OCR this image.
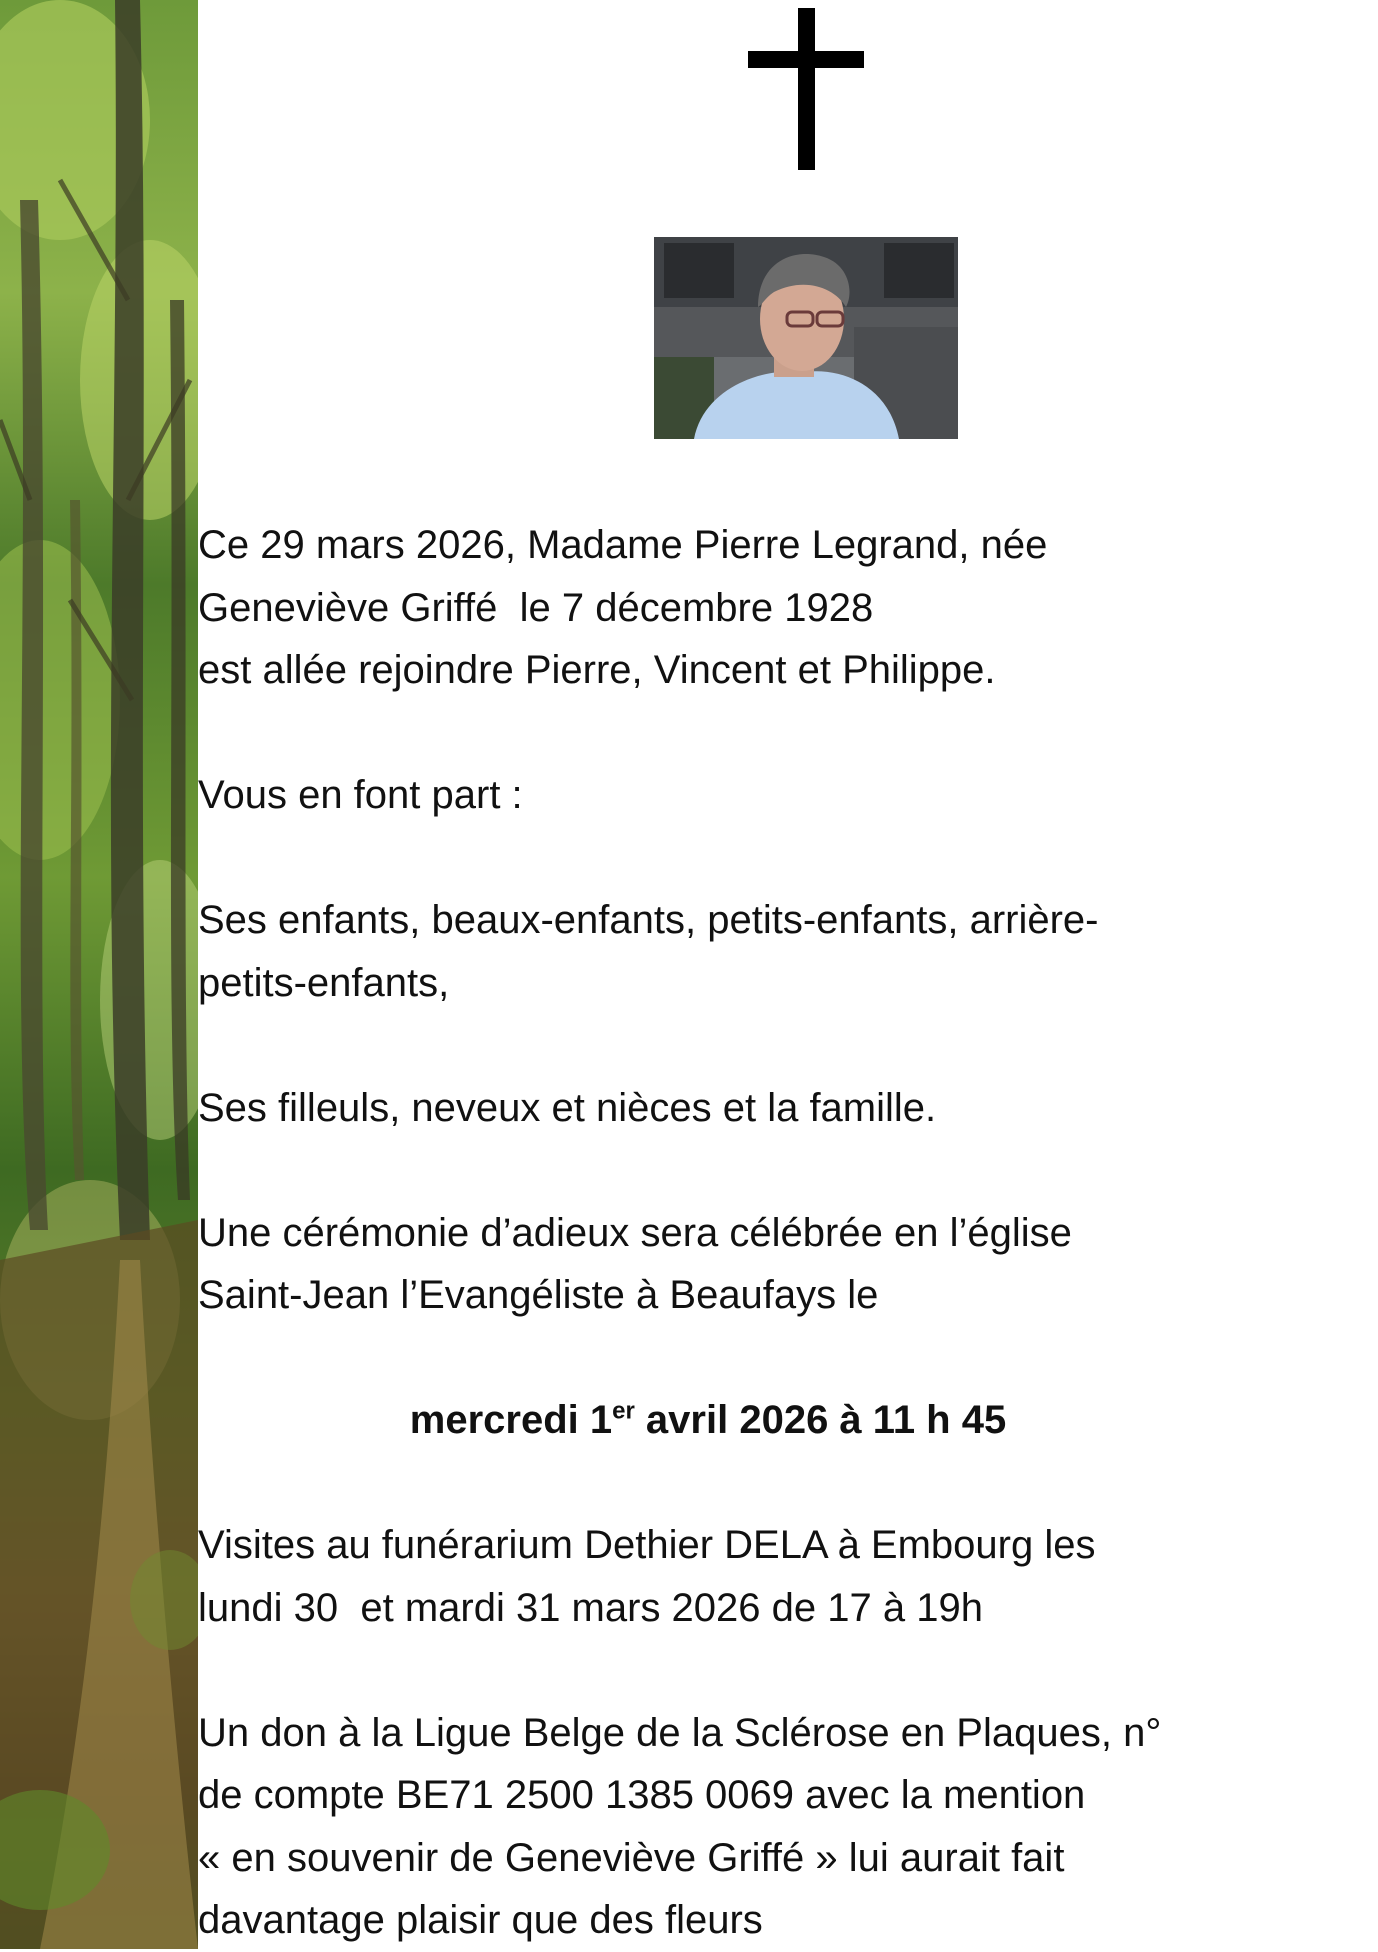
Ce 29 mars 2026, Madame Pierre Legrand, née

Geneviève Griffé  le 7 décembre 1928

est allée rejoindre Pierre, Vincent et Philippe.

Vous en font part :

Ses enfants, beaux-enfants, petits-enfants, arrière-

petits-enfants,

Ses filleuls, neveux et nièces et la famille.

Une cérémonie d’adieux sera célébrée en l’église

Saint-Jean l’Evangéliste à Beaufays le

mercredi 1er avril 2026 à 11 h 45

Visites au funérarium Dethier DELA à Embourg les

lundi 30  et mardi 31 mars 2026 de 17 à 19h

Un don à la Ligue Belge de la Sclérose en Plaques, n°

de compte BE71 2500 1385 0069 avec la mention

« en souvenir de Geneviève Griffé » lui aurait fait

davantage plaisir que des fleurs
